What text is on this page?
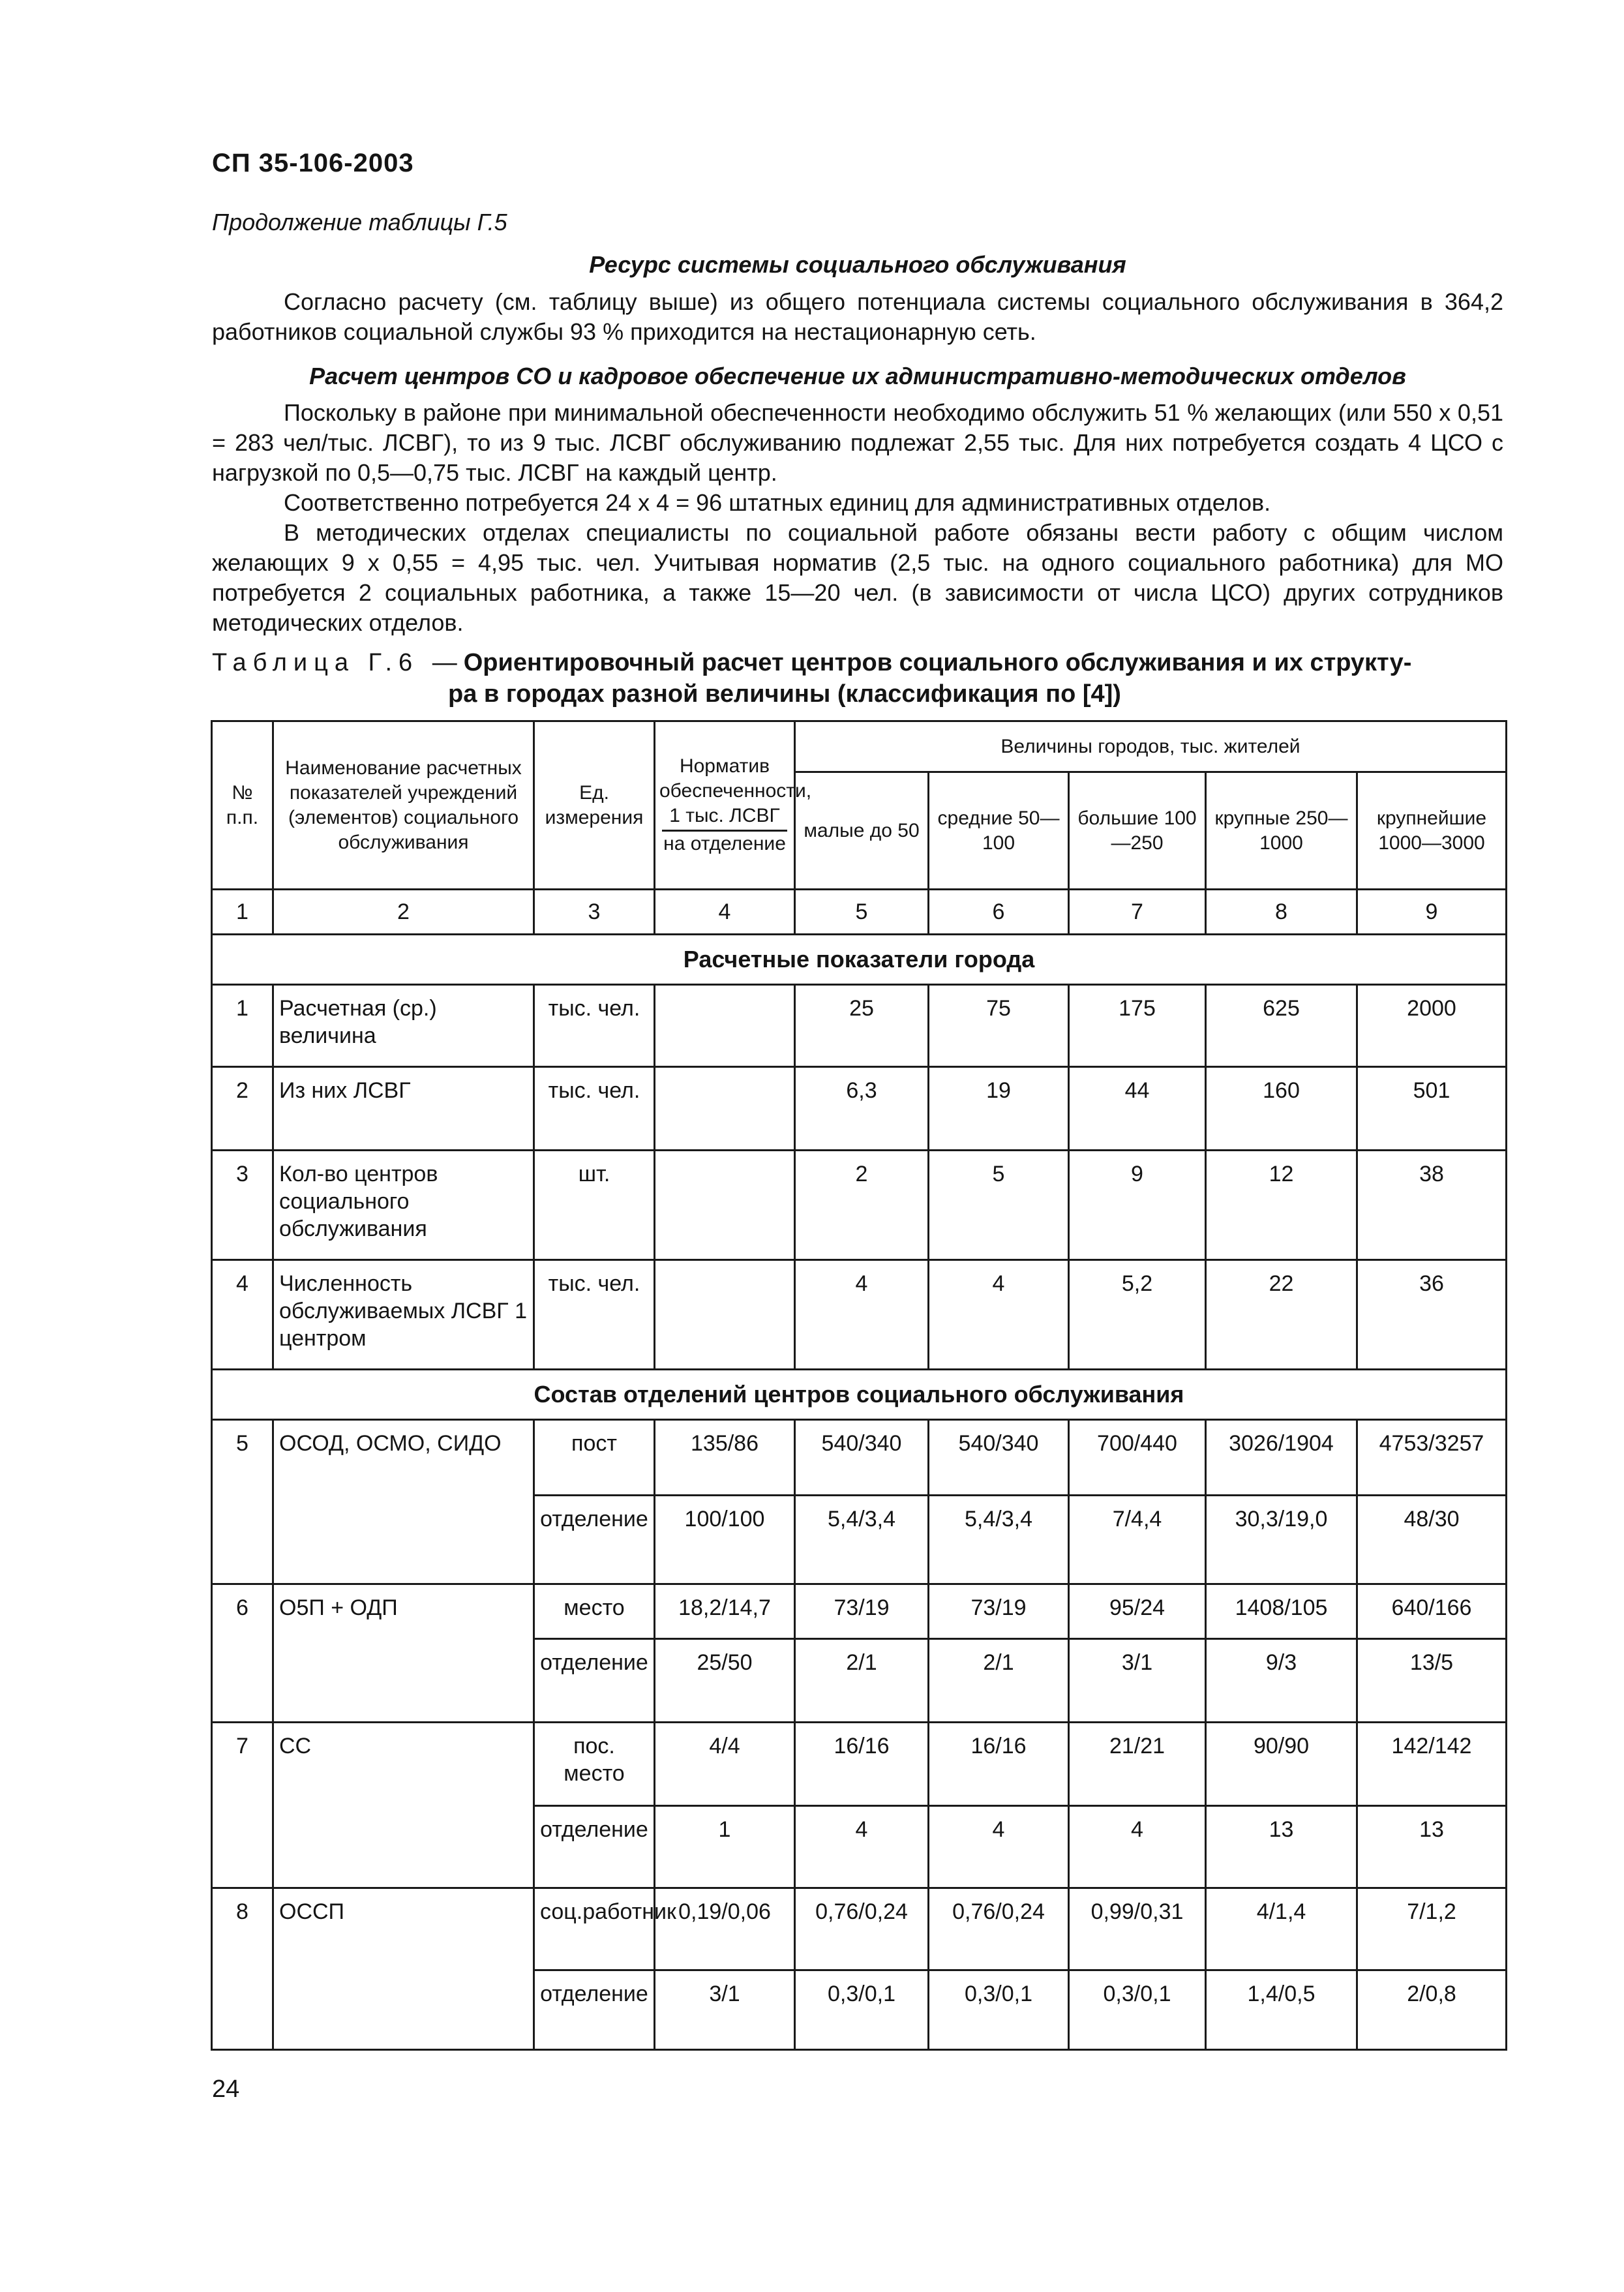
СП 35-106-2003
Продолжение таблицы Г.5
Ресурс системы социального обслуживания

Согласно расчету (см. таблицу выше) из общего потенциала системы социального обслуживания в 364,2 работников социальной службы 93 % приходится на нестационарную сеть.

Расчет центров СО и кадровое обеспечение их административно-методических отделов

Поскольку в районе при минимальной обеспеченности необходимо обслужить 51 % желающих (или 550 х 0,51 = 283 чел/тыс. ЛСВГ), то из 9 тыс. ЛСВГ обслуживанию подлежат 2,55 тыс. Для них потребуется создать 4 ЦСО с нагрузкой по 0,5—0,75 тыс. ЛСВГ на каждый центр.

Соответственно потребуется 24 х 4 = 96 штатных единиц для административных отделов.

В методических отделах специалисты по социальной работе обязаны вести работу с общим числом желающих 9 х 0,55 = 4,95 тыс. чел. Учитывая норматив (2,5 тыс. на одного социального работника) для МО потребуется 2 социальных работника, а также 15—20 чел. (в зависимости от числа ЦСО) других сотрудников методических отделов.

Таблица Г.6 — Ориентировочный расчет центров социального обслуживания и их структу-
ра в городах разной величины (классификация по [4])
№ п.п.	Наименование расчетных показателей учреждений (элементов) социального обслуживания	Ед. измерения	Норматив обеспеченности,
1 тыс. ЛСВГ
на отделение	Величины городов, тыс. жителей				
				малые до 50	средние 50—100	большие 100—250	крупные 250—1000	крупнейшие 1000—3000
1	2	3	4	5	6	7	8	9
Расчетные показатели города								
1	Расчетная (ср.) величина	тыс. чел.		25	75	175	625	2000
2	Из них ЛСВГ	тыс. чел.		6,3	19	44	160	501
3	Кол-во центров социального обслуживания	шт.		2	5	9	12	38
4	Численность обслуживаемых ЛСВГ 1 центром	тыс. чел.		4	4	5,2	22	36
Состав отделений центров социального обслуживания								
5	ОСОД, ОСМО, СИДО	пост	135/86	540/340	540/340	700/440	3026/1904	4753/3257
		отделение	100/100	5,4/3,4	5,4/3,4	7/4,4	30,3/19,0	48/30
6	О5П + ОДП	место	18,2/14,7	73/19	73/19	95/24	1408/105	640/166
		отделение	25/50	2/1	2/1	3/1	9/3	13/5
7	СС	пос. место	4/4	16/16	16/16	21/21	90/90	142/142
		отделение	1	4	4	4	13	13
8	ОССП	соц.работник	0,19/0,06	0,76/0,24	0,76/0,24	0,99/0,31	4/1,4	7/1,2
		отделение	3/1	0,3/0,1	0,3/0,1	0,3/0,1	1,4/0,5	2/0,8
24
